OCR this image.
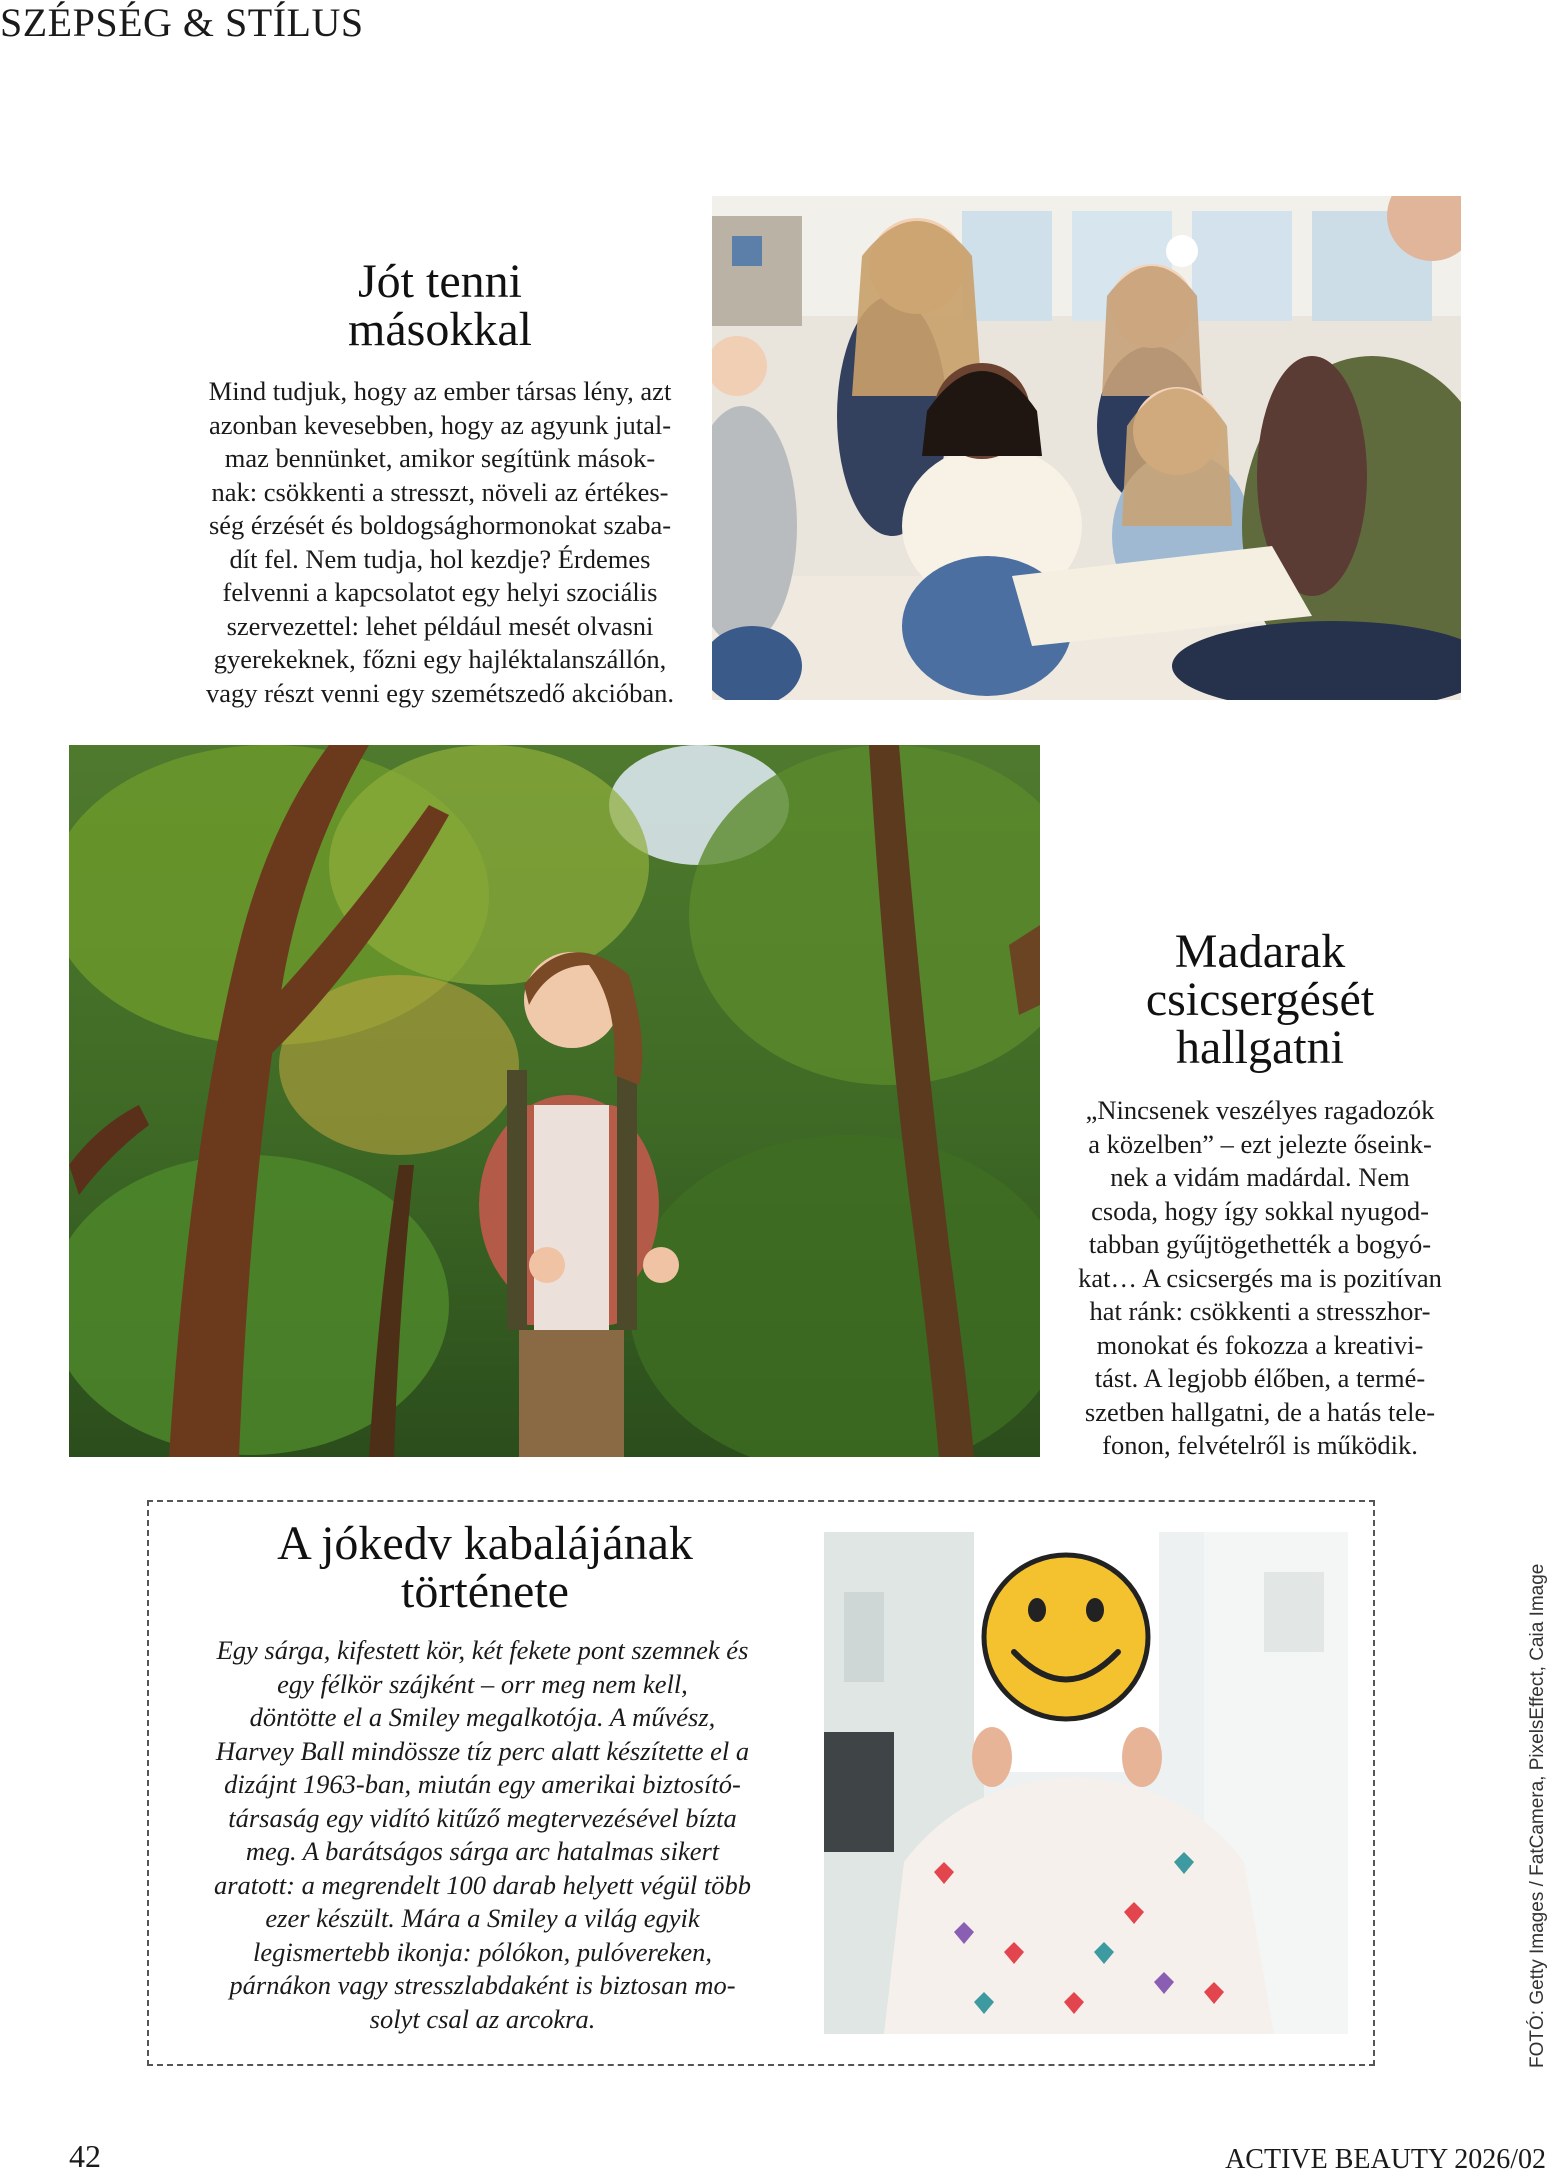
SZÉPSÉG & STÍLUS
Jót tenni
másokkal
Mind tudjuk, hogy az ember társas lény, azt
azonban kevesebben, hogy az agyunk jutal-
maz bennünket, amikor segítünk mások-
nak: csökkenti a stresszt, növeli az értékes-
ség érzését és boldogsághormonokat szaba-
dít fel. Nem tudja, hol kezdje? Érdemes
felvenni a kapcsolatot egy helyi szociális
szervezettel: lehet például mesét olvasni
gyerekeknek, főzni egy hajléktalanszállón,
vagy részt venni egy szemétszedő akcióban.
Madarak
csicsergését
hallgatni
„Nincsenek veszélyes ragadozók
a közelben” – ezt jelezte őseink-
nek a vidám madárdal. Nem
csoda, hogy így sokkal nyugod-
tabban gyűjtögethették a bogyó-
kat… A csicsergés ma is pozitívan
hat ránk: csökkenti a stresszhor-
monokat és fokozza a kreativi-
tást. A legjobb élőben, a termé-
szetben hallgatni, de a hatás tele-
fonon, felvételről is működik.
A jókedv kabalájának
története
Egy sárga, kifestett kör, két fekete pont szemnek és
egy félkör szájként – orr meg nem kell,
döntötte el a Smiley megalkotója. A művész,
Harvey Ball mindössze tíz perc alatt készítette el a
dizájnt 1963-ban, miután egy amerikai biztosító-
társaság egy vidító kitűző megtervezésével bízta
meg. A barátságos sárga arc hatalmas sikert
aratott: a megrendelt 100 darab helyett végül több
ezer készült. Mára a Smiley a világ egyik
legismertebb ikonja: pólókon, pulóvereken,
párnákon vagy stresszlabdaként is biztosan mo-
solyt csal az arcokra.	FOTÓ: Getty Images / FatCamera, PixelsEffect, Caia Image
42	ACTIVE BEAUTY 2026/02
